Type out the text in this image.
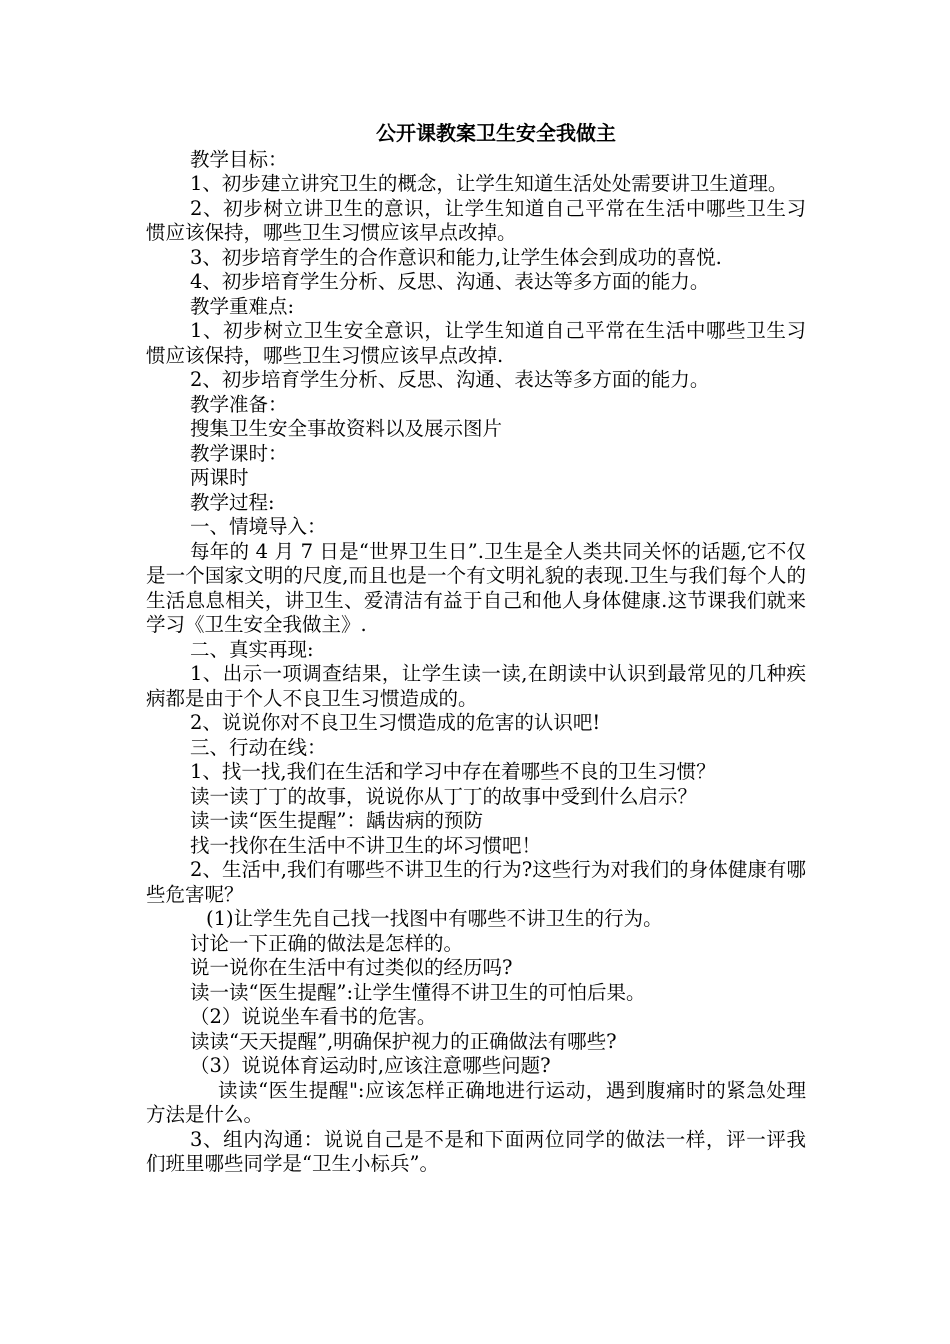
公开课教案卫生安全我做主

教学目标：

1、初步建立讲究卫生的概念，让学生知道生活处处需要讲卫生道理。

2、初步树立讲卫生的意识，让学生知道自己平常在生活中哪些卫生习惯应该保持，哪些卫生习惯应该早点改掉。

3、初步培育学生的合作意识和能力,让学生体会到成功的喜悦.

4、初步培育学生分析、反思、沟通、表达等多方面的能力。

教学重难点:

1、初步树立卫生安全意识，让学生知道自己平常在生活中哪些卫生习惯应该保持，哪些卫生习惯应该早点改掉.

2、初步培育学生分析、反思、沟通、表达等多方面的能力。

教学准备：

搜集卫生安全事故资料以及展示图片

教学课时：

两课时

教学过程:

一、情境导入：

每年的 4 月 7 日是“世界卫生日”.卫生是全人类共同关怀的话题,它不仅是一个国家文明的尺度,而且也是一个有文明礼貌的表现.卫生与我们每个人的生活息息相关，讲卫生、爱清洁有益于自己和他人身体健康.这节课我们就来学习《卫生安全我做主》.

二、真实再现:

1、出示一项调查结果，让学生读一读,在朗读中认识到最常见的几种疾病都是由于个人不良卫生习惯造成的。

2、说说你对不良卫生习惯造成的危害的认识吧!

三、行动在线：

1、找一找,我们在生活和学习中存在着哪些不良的卫生习惯？

读一读丁丁的故事，说说你从丁丁的故事中受到什么启示？

读一读“医生提醒”：龋齿病的预防

找一找你在生活中不讲卫生的坏习惯吧！

2、生活中,我们有哪些不讲卫生的行为?这些行为对我们的身体健康有哪些危害呢？

(1)让学生先自己找一找图中有哪些不讲卫生的行为。

讨论一下正确的做法是怎样的。

说一说你在生活中有过类似的经历吗?

读一读“医生提醒”:让学生懂得不讲卫生的可怕后果。

（2）说说坐车看书的危害。

读读“天天提醒”,明确保护视力的正确做法有哪些?

（3）说说体育运动时,应该注意哪些问题?

读读“医生提醒":应该怎样正确地进行运动，遇到腹痛时的紧急处理方法是什么。

3、组内沟通：说说自己是不是和下面两位同学的做法一样，评一评我们班里哪些同学是“卫生小标兵”。
